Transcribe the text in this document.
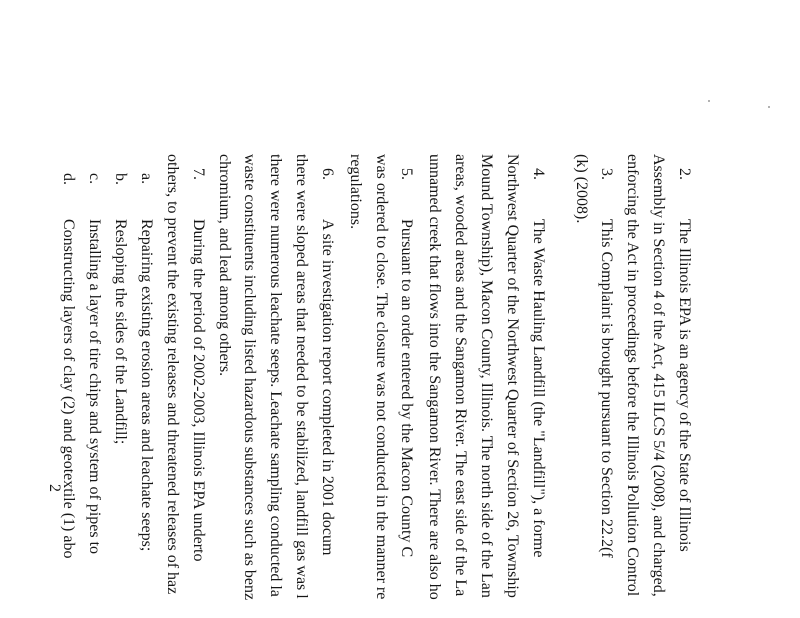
2.
The Illinois EPA is an agency of the State of Illinois
Assembly in Section 4 of the Act, 415 ILCS 5/4 (2008), and charged,
enforcing the Act in proceedings before the Illinois Pollution Control
3.
This Complaint is brought pursuant to Section 22.2(f
(k) (2008).
4.
The Waste Hauling Landfill (the "Landfill"), a forme
Northwest Quarter of the Northwest Quarter of Section 26, Township
Mound Township), Macon County, Illinois. The north side of the Lan
areas, wooded areas and the Sangamon River. The east side of the La
unnamed creek that flows into the Sangamon River. There are also ho
5.
Pursuant to an order entered by the Macon County C
was ordered to close. The closure was not conducted in the manner re
regulations.
6.
A site investigation report completed in 2001 docum
there were sloped areas that needed to be stabilized, landfill gas was l
there were numerous leachate seeps. Leachate sampling conducted la
waste constituents including listed hazardous substances such as benz
chromium, and lead among others.
7.
During the period of 2002-2003, Illinois EPA underto
others, to prevent the existing releases and threatened releases of haz
a.
Repairing existing erosion areas and leachate seeps;
b.
Resloping the sides of the Landfill;
c.
Installing a layer of tire chips and system of pipes to
d.
Constructing layers of clay (2) and geotextile (1) abo
2
